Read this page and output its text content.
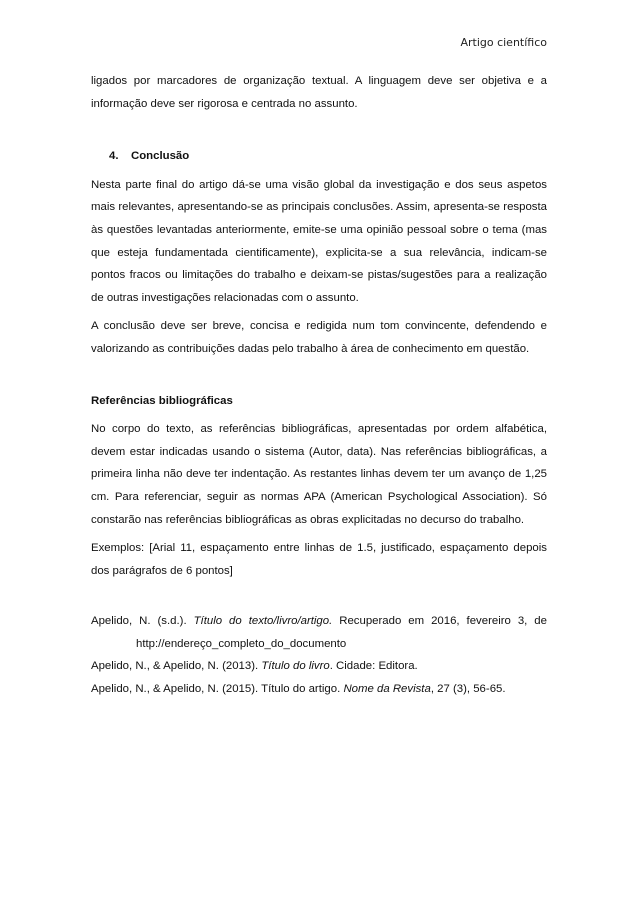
Artigo científico

ligados por marcadores de organização textual. A linguagem deve ser objetiva e a informação deve ser rigorosa e centrada no assunto.

4. Conclusão

Nesta parte final do artigo dá-se uma visão global da investigação e dos seus aspetos mais relevantes, apresentando-se as principais conclusões. Assim, apresenta-se resposta às questões levantadas anteriormente, emite-se uma opinião pessoal sobre o tema (mas que esteja fundamentada cientificamente), explicita-se a sua relevância, indicam-se pontos fracos ou limitações do trabalho e deixam-se pistas/sugestões para a realização de outras investigações relacionadas com o assunto.

A conclusão deve ser breve, concisa e redigida num tom convincente, defendendo e valorizando as contribuições dadas pelo trabalho à área de conhecimento em questão.

Referências bibliográficas

No corpo do texto, as referências bibliográficas, apresentadas por ordem alfabética, devem estar indicadas usando o sistema (Autor, data). Nas referências bibliográficas, a primeira linha não deve ter indentação. As restantes linhas devem ter um avanço de 1,25 cm. Para referenciar, seguir as normas APA (American Psychological Association). Só constarão nas referências bibliográficas as obras explicitadas no decurso do trabalho.

Exemplos: [Arial 11, espaçamento entre linhas de 1.5, justificado, espaçamento depois dos parágrafos de 6 pontos]

Apelido, N. (s.d.). Título do texto/livro/artigo. Recuperado em 2016, fevereiro 3, de http://endereço_completo_do_documento

Apelido, N., & Apelido, N. (2013). Título do livro. Cidade: Editora.

Apelido, N., & Apelido, N. (2015). Título do artigo. Nome da Revista, 27 (3), 56-65.
